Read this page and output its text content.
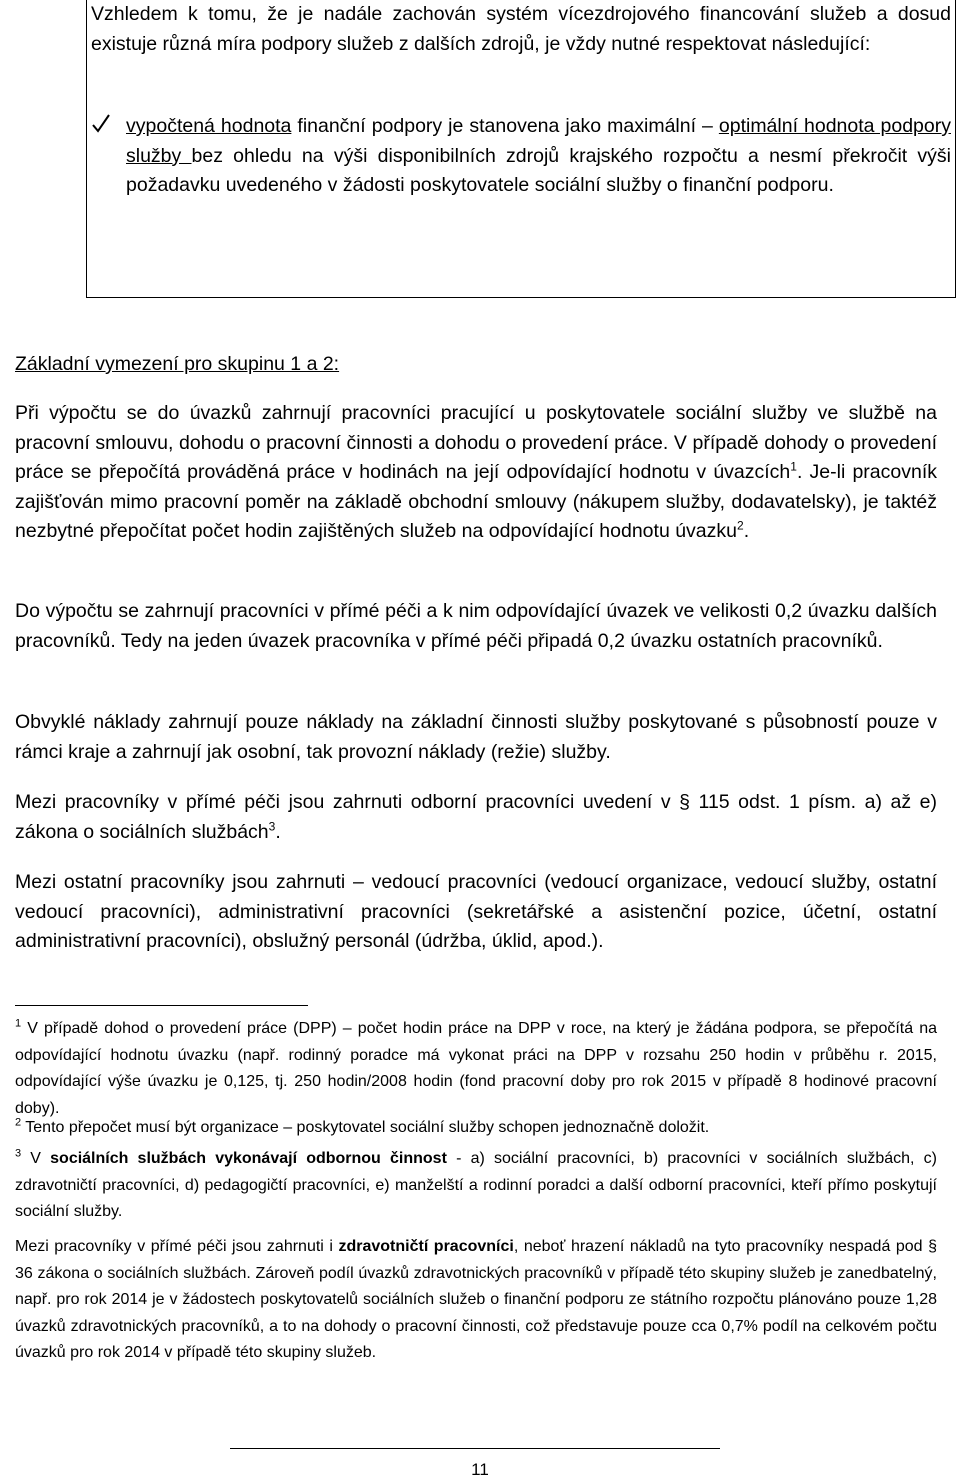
Vzhledem k tomu, že je nadále zachován systém vícezdrojového financování služeb a dosud existuje různá míra podpory služeb z dalších zdrojů, je vždy nutné respektovat následující:
vypočtená hodnota finanční podpory je stanovena jako maximální – optimální hodnota podpory služby bez ohledu na výši disponibilních zdrojů krajského rozpočtu a nesmí překročit výši požadavku uvedeného v žádosti poskytovatele sociální služby o finanční podporu.
Základní vymezení pro skupinu 1 a 2:
Při výpočtu se do úvazků zahrnují pracovníci pracující u poskytovatele sociální služby ve službě na pracovní smlouvu, dohodu o pracovní činnosti a dohodu o provedení práce. V případě dohody o provedení práce se přepočítá prováděná práce v hodinách na její odpovídající hodnotu v úvazcích$^1$. Je-li pracovník zajišťován mimo pracovní poměr na základě obchodní smlouvy (nákupem služby, dodavatelsky), je taktéž nezbytné přepočítat počet hodin zajištěných služeb na odpovídající hodnotu úvazku$^2$.
Do výpočtu se zahrnují pracovníci v přímé péči a k nim odpovídající úvazek ve velikosti 0,2 úvazku dalších pracovníků. Tedy na jeden úvazek pracovníka v přímé péči připadá 0,2 úvazku ostatních pracovníků.
Obvyklé náklady zahrnují pouze náklady na základní činnosti služby poskytované s působností pouze v rámci kraje a zahrnují jak osobní, tak provozní náklady (režie) služby.
Mezi pracovníky v přímé péči jsou zahrnuti odborní pracovníci uvedení v § 115 odst. 1 písm. a) až e) zákona o sociálních službách$^3$.
Mezi ostatní pracovníky jsou zahrnuti – vedoucí pracovníci (vedoucí organizace, vedoucí služby, ostatní vedoucí pracovníci), administrativní pracovníci (sekretářské a asistenční pozice, účetní, ostatní administrativní pracovníci), obslužný personál (údržba, úklid, apod.).
$^1$ V případě dohod o provedení práce (DPP) – počet hodin práce na DPP v roce, na který je žádána podpora, se přepočítá na odpovídající hodnotu úvazku (např. rodinný poradce má vykonat práci na DPP v rozsahu 250 hodin v průběhu r. 2015, odpovídající výše úvazku je 0,125, tj. 250 hodin/2008 hodin (fond pracovní doby pro rok 2015 v případě 8 hodinové pracovní doby).
$^2$ Tento přepočet musí být organizace – poskytovatel sociální služby schopen jednoznačně doložit.
$^3$ V sociálních službách vykonávají odbornou činnost - a) sociální pracovníci, b) pracovníci v sociálních službách, c) zdravotničtí pracovníci, d) pedagogičtí pracovníci, e) manželští a rodinní poradci a další odborní pracovníci, kteří přímo poskytují sociální služby.
Mezi pracovníky v přímé péči jsou zahrnuti i zdravotničtí pracovníci, neboť hrazení nákladů na tyto pracovníky nespadá pod § 36 zákona o sociálních službách. Zároveň podíl úvazků zdravotnických pracovníků v případě této skupiny služeb je zanedbatelný, např. pro rok 2014 je v žádostech poskytovatelů sociálních služeb o finanční podporu ze státního rozpočtu plánováno pouze 1,28 úvazků zdravotnických pracovníků, a to na dohody o pracovní činnosti, což představuje pouze cca 0,7% podíl na celkovém počtu úvazků pro rok 2014 v případě této skupiny služeb.
11
